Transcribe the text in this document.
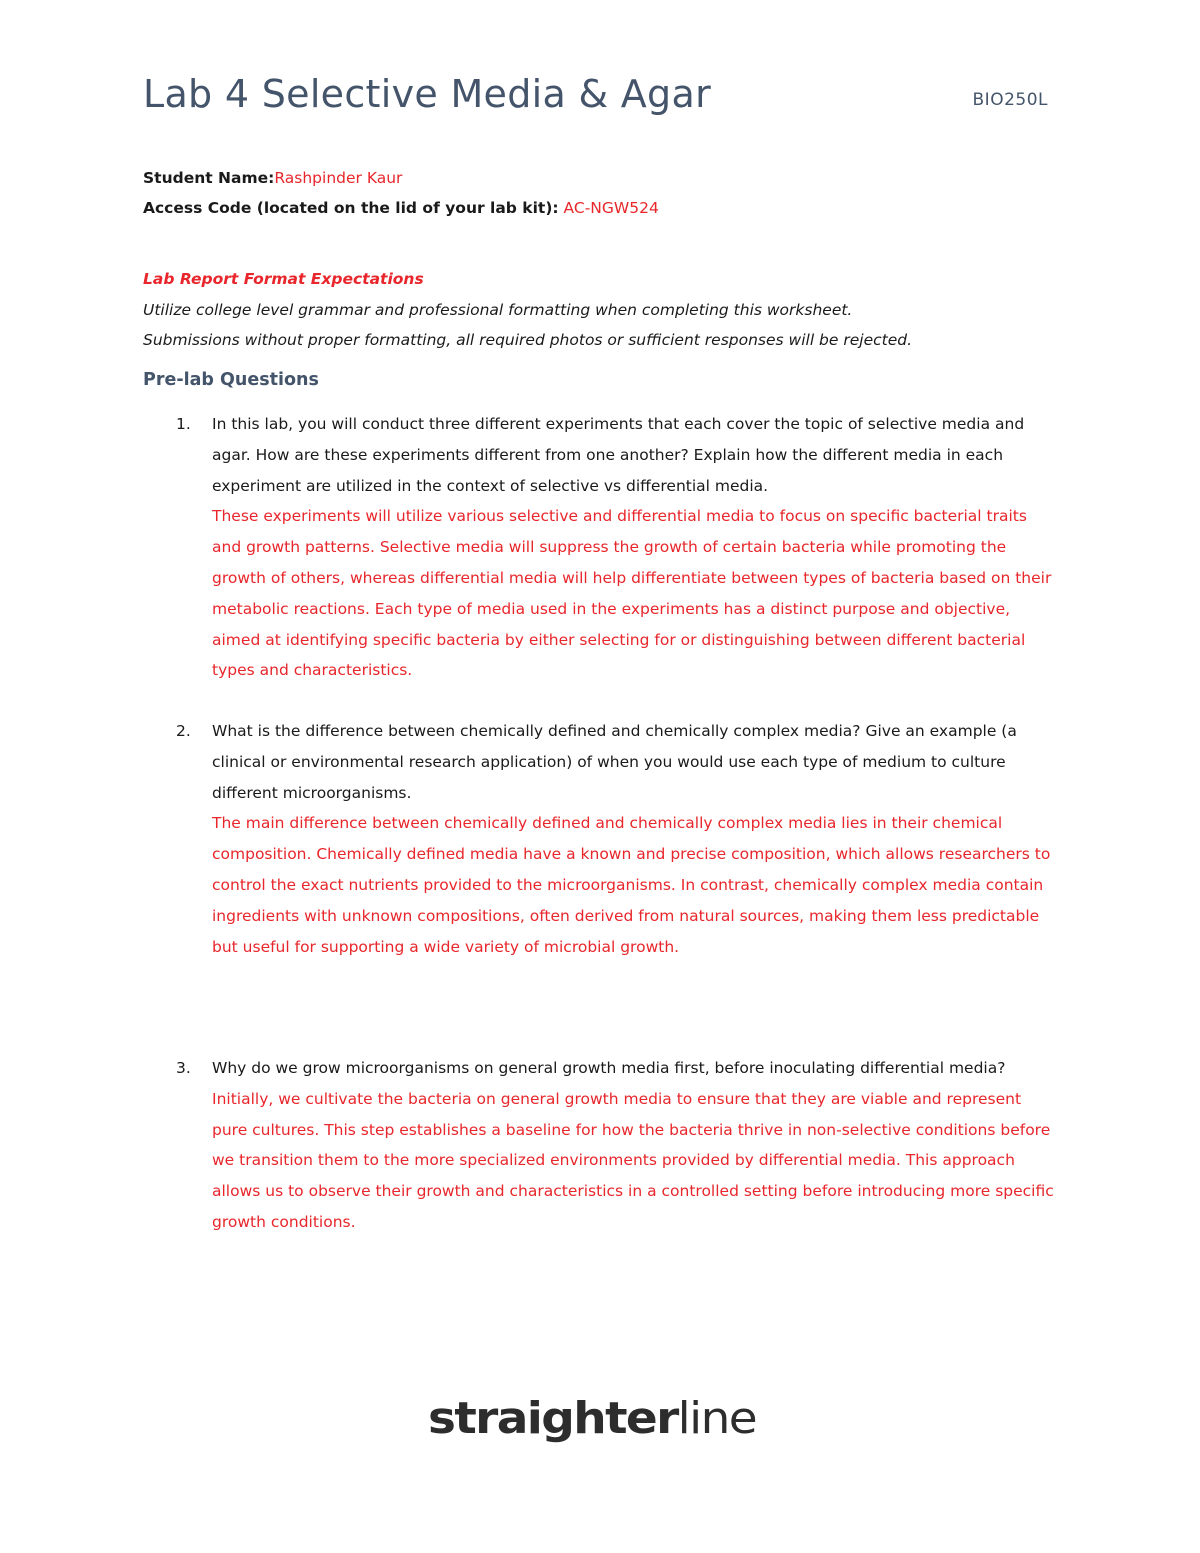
Lab 4 Selective Media & Agar	BIO250L
Student Name:Rashpinder Kaur
Access Code (located on the lid of your lab kit): AC-NGW524
Lab Report Format Expectations
Utilize college level grammar and professional formatting when completing this worksheet.
Submissions without proper formatting, all required photos or sufficient responses will be rejected.
Pre-lab Questions
1. In this lab, you will conduct three different experiments that each cover the topic of selective media and agar. How are these experiments different from one another? Explain how the different media in each experiment are utilized in the context of selective vs differential media.
These experiments will utilize various selective and differential media to focus on specific bacterial traits and growth patterns. Selective media will suppress the growth of certain bacteria while promoting the growth of others, whereas differential media will help differentiate between types of bacteria based on their metabolic reactions. Each type of media used in the experiments has a distinct purpose and objective, aimed at identifying specific bacteria by either selecting for or distinguishing between different bacterial types and characteristics.
2. What is the difference between chemically defined and chemically complex media? Give an example (a clinical or environmental research application) of when you would use each type of medium to culture different microorganisms.
The main difference between chemically defined and chemically complex media lies in their chemical composition. Chemically defined media have a known and precise composition, which allows researchers to control the exact nutrients provided to the microorganisms. In contrast, chemically complex media contain ingredients with unknown compositions, often derived from natural sources, making them less predictable but useful for supporting a wide variety of microbial growth.
3. Why do we grow microorganisms on general growth media first, before inoculating differential media?
Initially, we cultivate the bacteria on general growth media to ensure that they are viable and represent pure cultures. This step establishes a baseline for how the bacteria thrive in non-selective conditions before we transition them to the more specialized environments provided by differential media. This approach allows us to observe their growth and characteristics in a controlled setting before introducing more specific growth conditions.
straighter line
